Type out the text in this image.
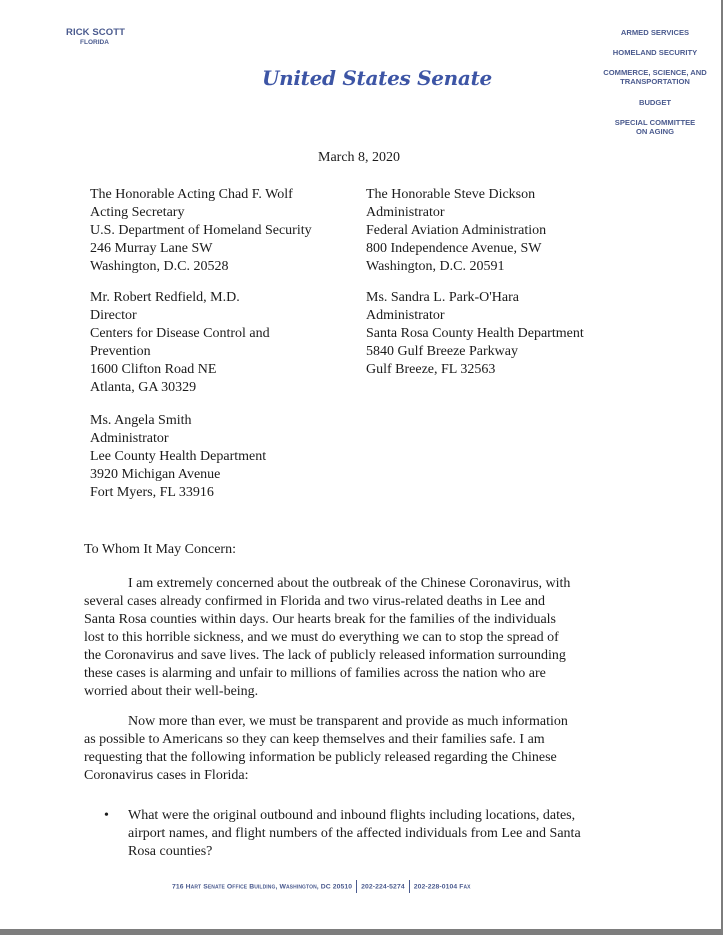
RICK SCOTT
FLORIDA
United States Senate
ARMED SERVICES
HOMELAND SECURITY
COMMERCE, SCIENCE, AND
TRANSPORTATION
BUDGET
SPECIAL COMMITTEE
ON AGING
March 8, 2020
The Honorable Acting Chad F. Wolf
Acting Secretary
U.S. Department of Homeland Security
246 Murray Lane SW
Washington, D.C. 20528
The Honorable Steve Dickson
Administrator
Federal Aviation Administration
800 Independence Avenue, SW
Washington, D.C. 20591
Mr. Robert Redfield, M.D.
Director
Centers for Disease Control and
Prevention
1600 Clifton Road NE
Atlanta, GA 30329
Ms. Sandra L. Park-O'Hara
Administrator
Santa Rosa County Health Department
5840 Gulf Breeze Parkway
Gulf Breeze, FL 32563
Ms. Angela Smith
Administrator
Lee County Health Department
3920 Michigan Avenue
Fort Myers, FL 33916
To Whom It May Concern:
I am extremely concerned about the outbreak of the Chinese Coronavirus, with
several cases already confirmed in Florida and two virus-related deaths in Lee and
Santa Rosa counties within days. Our hearts break for the families of the individuals
lost to this horrible sickness, and we must do everything we can to stop the spread of
the Coronavirus and save lives. The lack of publicly released information surrounding
these cases is alarming and unfair to millions of families across the nation who are
worried about their well-being.
Now more than ever, we must be transparent and provide as much information
as possible to Americans so they can keep themselves and their families safe. I am
requesting that the following information be publicly released regarding the Chinese
Coronavirus cases in Florida:
• What were the original outbound and inbound flights including locations, dates,
airport names, and flight numbers of the affected individuals from Lee and Santa
Rosa counties?
716 Hart Senate Office Building, Washington, DC 20510 202-224-5274 202-228-0104 Fax
